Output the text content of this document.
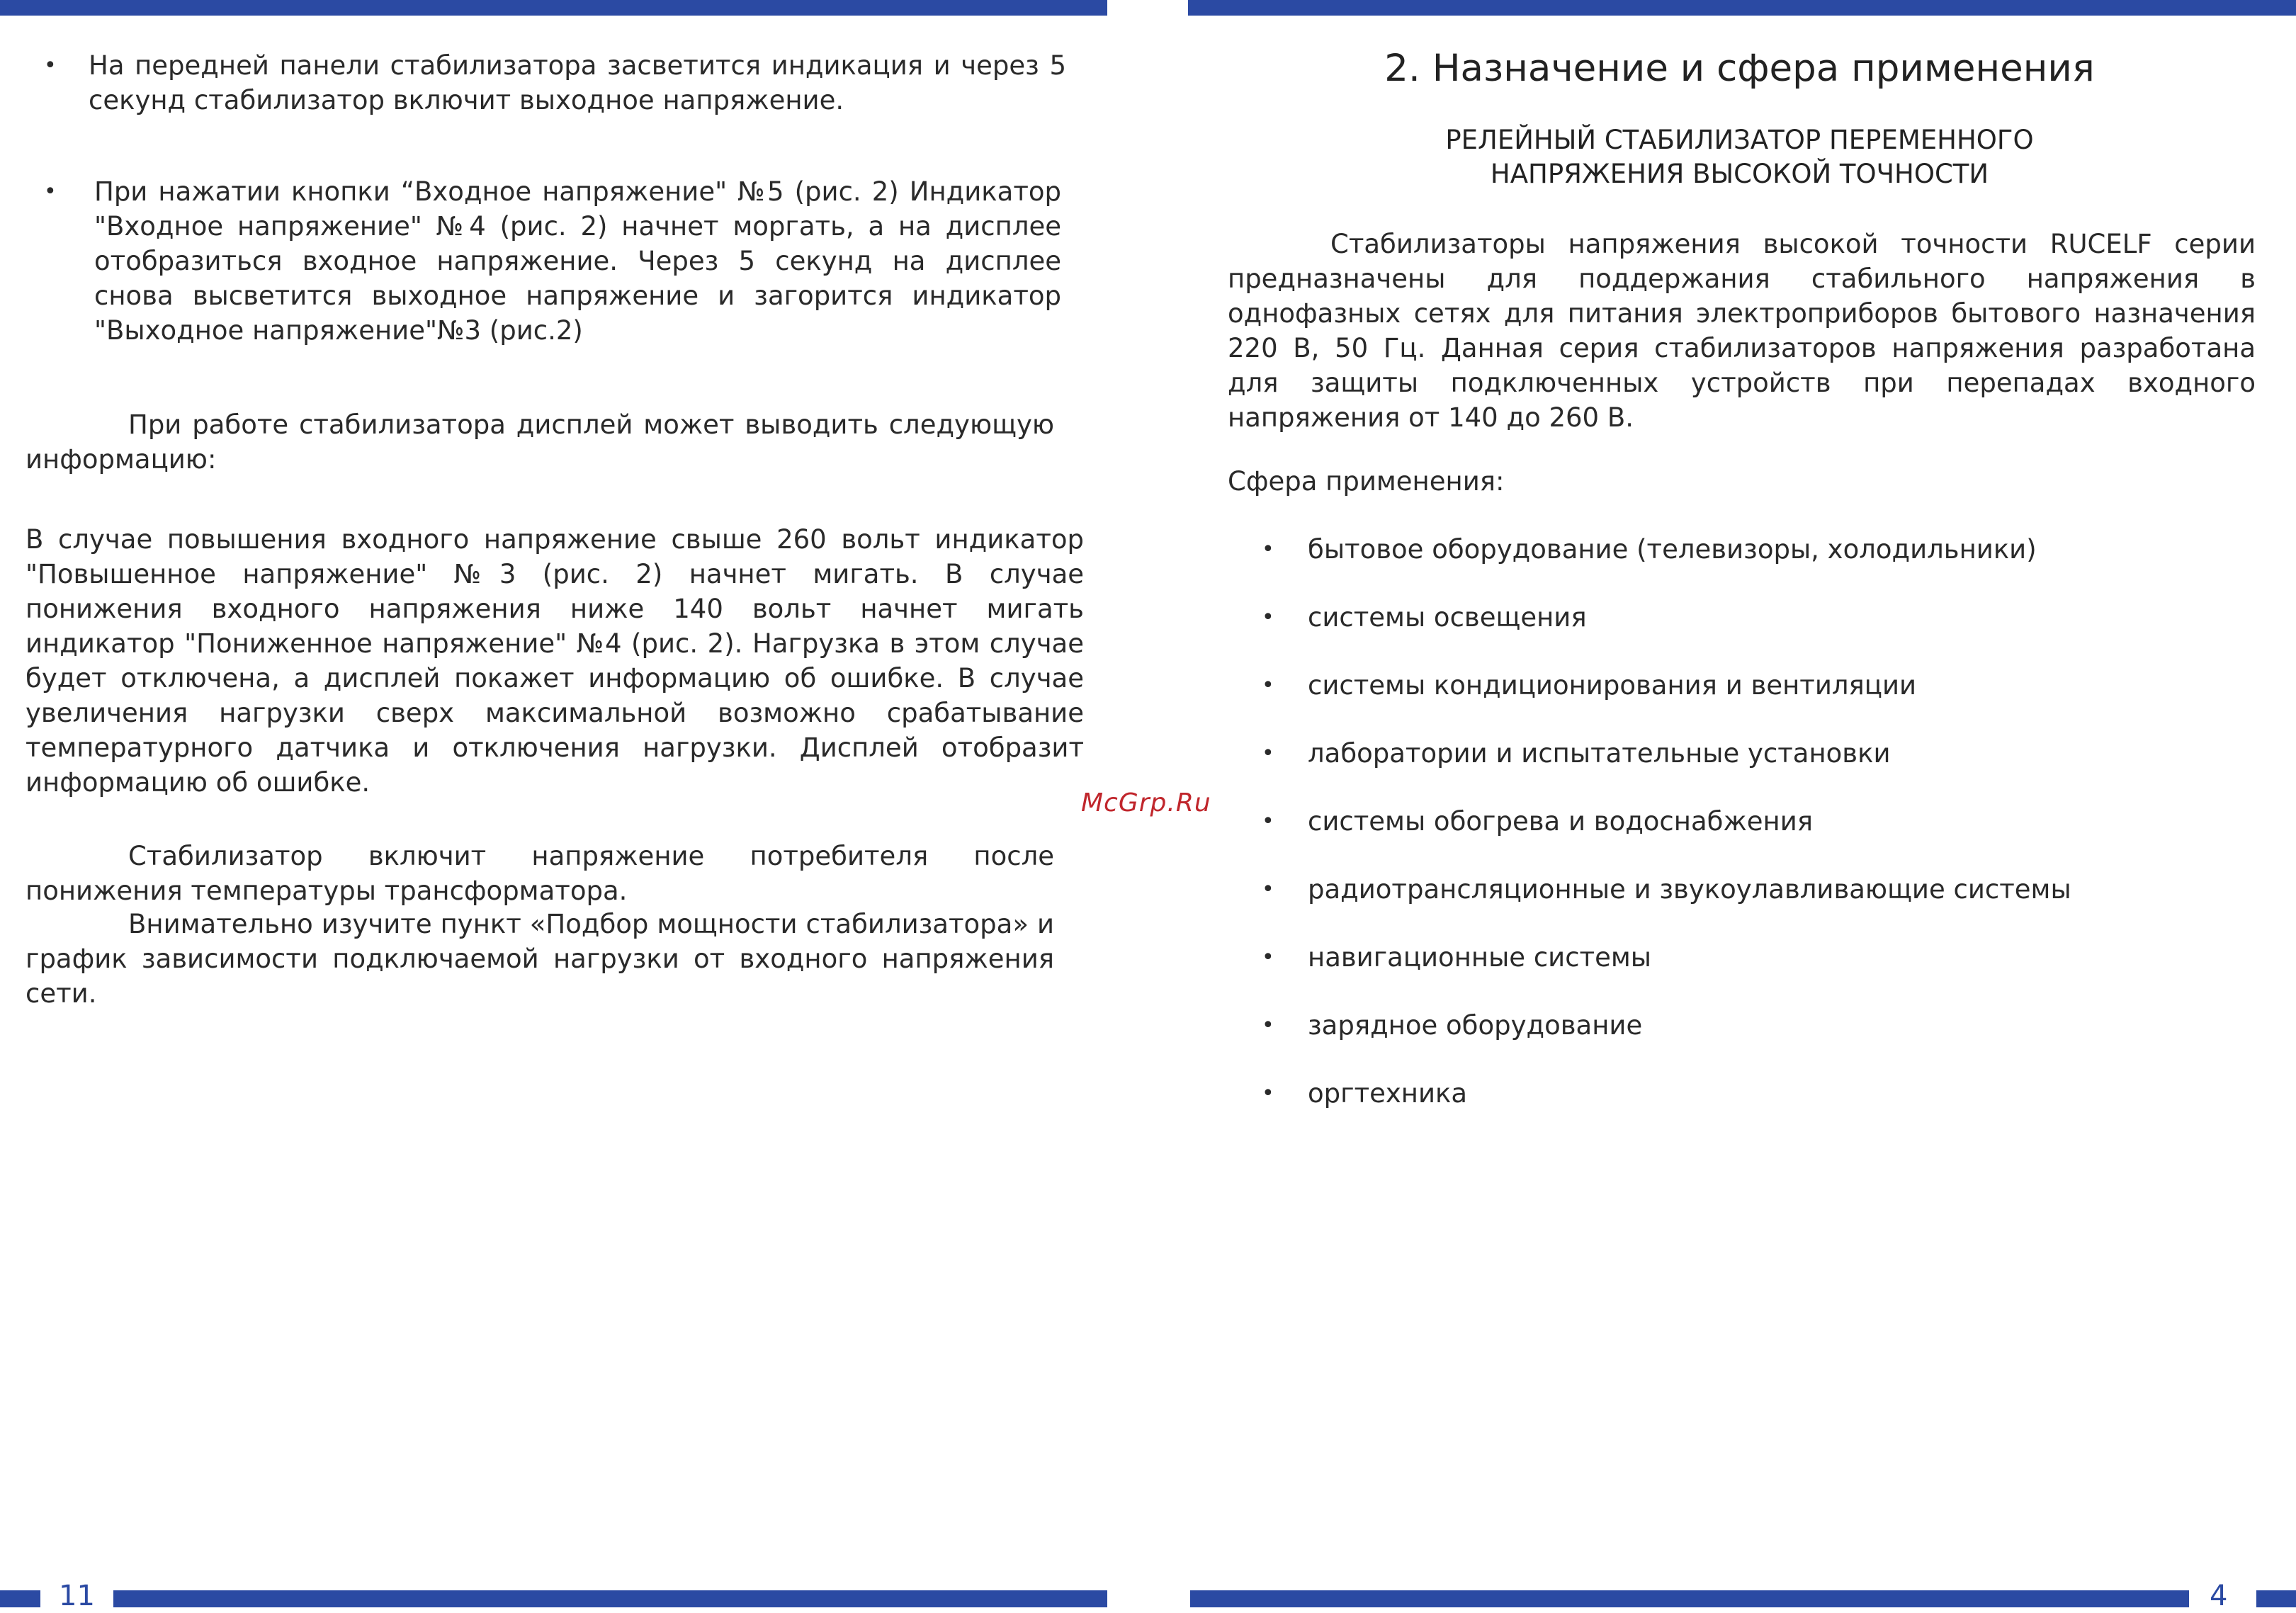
• На передней панели стабилизатора засветится индикация и через 5 секунд стабилизатор включит выходное напряжение.

• При нажатии кнопки “Входное напряжение" №5 (рис. 2) Индикатор "Входное напряжение" №4 (рис. 2) начнет моргать, а на дисплее отобразиться входное напряжение. Через 5 секунд на дисплее снова высветится выходное напряжение и загорится индикатор "Выходное напряжение"№3 (рис.2)

При работе стабилизатора дисплей может выводить следующую информацию:

В случае повышения входного напряжение свыше 260 вольт индикатор "Повышенное напряжение" №3 (рис. 2) начнет мигать. В случае понижения входного напряжения ниже 140 вольт начнет мигать индикатор "Пониженное напряжение" №4 (рис. 2). Нагрузка в этом случае будет отключена, а дисплей покажет информацию об ошибке. В случае увеличения нагрузки сверх максимальной возможно срабатывание температурного датчика и отключения нагрузки. Дисплей отобразит информацию об ошибке.

Стабилизатор включит напряжение потребителя после понижения температуры трансформатора.

Внимательно изучите пункт «Подбор мощности стабилизатора» и график зависимости подключаемой нагрузки от входного напряжения сети.

11
McGrp.Ru
2. Назначение и сфера применения

РЕЛЕЙНЫЙ СТАБИЛИЗАТОР ПЕРЕМЕННОГО

НАПРЯЖЕНИЯ ВЫСОКОЙ ТОЧНОСТИ

Стабилизаторы напряжения высокой точности RUCELF серии предназначены для поддержания стабильного напряжения в однофазных сетях для питания электроприборов бытового назначения 220 В, 50 Гц. Данная серия стабилизаторов напряжения разработана для защиты подключенных устройств при перепадах входного напряжения от 140 до 260 В.

Сфера применения:

• бытовое оборудование (телевизоры, холодильники)
• системы освещения
• системы кондиционирования и вентиляции
• лаборатории и испытательные установки
• системы обогрева и водоснабжения
• радиотрансляционные и звукоулавливающие системы
• навигационные системы
• зарядное оборудование
• оргтехника
4
